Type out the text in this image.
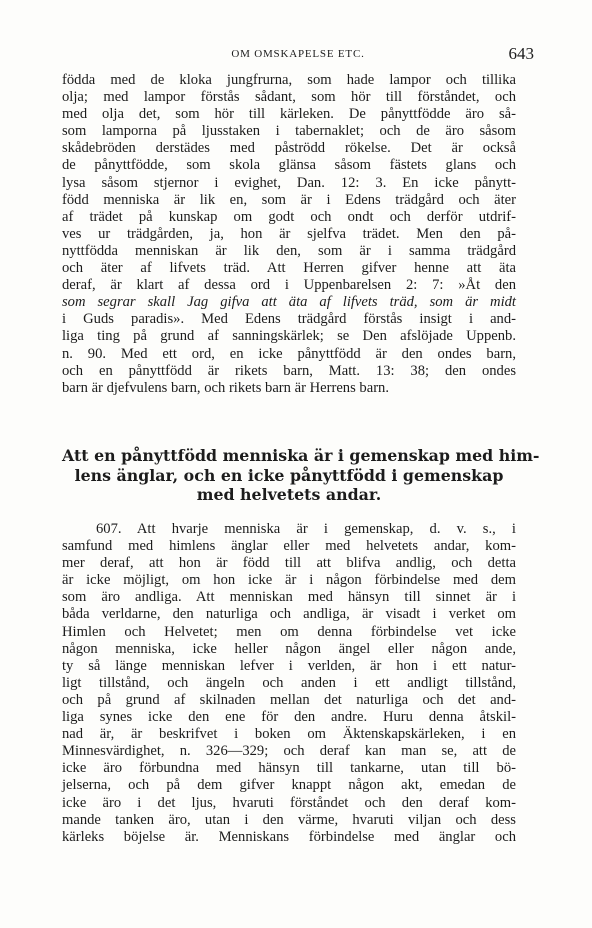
OM OMSKAPELSE ETC.	643
födda med de kloka jungfrurna, som hade lampor och tillika
olja; med lampor förstås sådant, som hör till förståndet, och
med olja det, som hör till kärleken. De pånyttfödde äro så-
som lamporna på ljusstaken i tabernaklet; och de äro såsom
skådebröden derstädes med påströdd rökelse. Det är också
de pånyttfödde, som skola glänsa såsom fästets glans och
lysa såsom stjernor i evighet, Dan. 12: 3. En icke pånytt-
född menniska är lik en, som är i Edens trädgård och äter
af trädet på kunskap om godt och ondt och derför utdrif-
ves ur trädgården, ja, hon är sjelfva trädet. Men den på-
nyttfödda menniskan är lik den, som är i samma trädgård
och äter af lifvets träd. Att Herren gifver henne att äta
deraf, är klart af dessa ord i Uppenbarelsen 2: 7: »Åt den
som segrar skall Jag gifva att äta af lifvets träd, som är midt
i Guds paradis». Med Edens trädgård förstås insigt i and-
liga ting på grund af sanningskärlek; se Den afslöjade Uppenb.
n. 90. Med ett ord, en icke pånyttfödd är den ondes barn,
och en pånyttfödd är rikets barn, Matt. 13: 38; den ondes
barn är djefvulens barn, och rikets barn är Herrens barn.
Att en pånyttfödd menniska är i gemenskap med him-
lens änglar, och en icke pånyttfödd i gemenskap
med helvetets andar.
607. Att hvarje menniska är i gemenskap, d. v. s., i
samfund med himlens änglar eller med helvetets andar, kom-
mer deraf, att hon är född till att blifva andlig, och detta
är icke möjligt, om hon icke är i någon förbindelse med dem
som äro andliga. Att menniskan med hänsyn till sinnet är i
båda verldarne, den naturliga och andliga, är visadt i verket om
Himlen och Helvetet; men om denna förbindelse vet icke
någon menniska, icke heller någon ängel eller någon ande,
ty så länge menniskan lefver i verlden, är hon i ett natur-
ligt tillstånd, och ängeln och anden i ett andligt tillstånd,
och på grund af skilnaden mellan det naturliga och det and-
liga synes icke den ene för den andre. Huru denna åtskil-
nad är, är beskrifvet i boken om Äktenskapskärleken, i en
Minnesvärdighet, n. 326—329; och deraf kan man se, att de
icke äro förbundna med hänsyn till tankarne, utan till bö-
jelserna, och på dem gifver knappt någon akt, emedan de
icke äro i det ljus, hvaruti förståndet och den deraf kom-
mande tanken äro, utan i den värme, hvaruti viljan och dess
kärleks böjelse är. Menniskans förbindelse med änglar och
